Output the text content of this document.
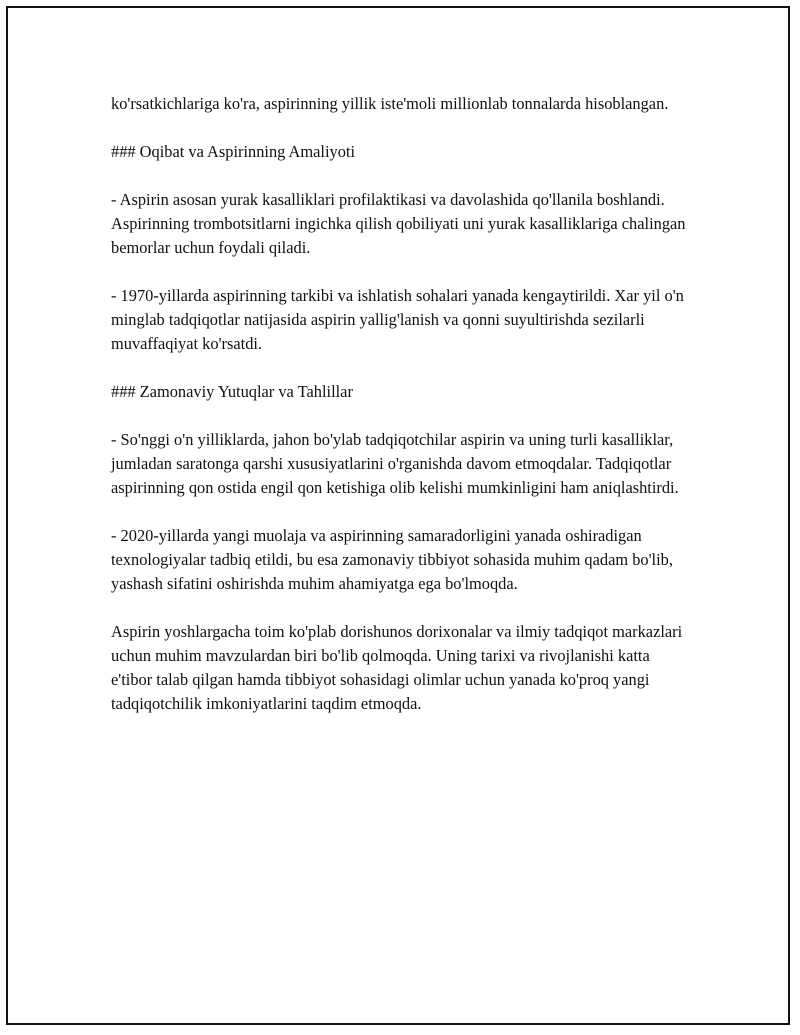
ko'rsatkichlariga ko'ra, aspirinning yillik iste'moli millionlab tonnalarda hisoblangan.

### Oqibat va Aspirinning Amaliyoti

- Aspirin asosan yurak kasalliklari profilaktikasi va davolashida qo'llanila boshlandi. Aspirinning trombotsitlarni ingichka qilish qobiliyati uni yurak kasalliklariga chalingan bemorlar uchun foydali qiladi.

- 1970-yillarda aspirinning tarkibi va ishlatish sohalari yanada kengaytirildi. Xar yil o'n minglab tadqiqotlar natijasida aspirin yallig'lanish va qonni suyultirishda sezilarli muvaffaqiyat ko'rsatdi.

### Zamonaviy Yutuqlar va Tahlillar

- So'nggi o'n yilliklarda, jahon bo'ylab tadqiqotchilar aspirin va uning turli kasalliklar, jumladan saratonga qarshi xususiyatlarini o'rganishda davom etmoqdalar. Tadqiqotlar aspirinning qon ostida engil qon ketishiga olib kelishi mumkinligini ham aniqlashtirdi.

- 2020-yillarda yangi muolaja va aspirinning samaradorligini yanada oshiradigan texnologiyalar tadbiq etildi, bu esa zamonaviy tibbiyot sohasida muhim qadam bo'lib, yashash sifatini oshirishda muhim ahamiyatga ega bo'lmoqda.

Aspirin yoshlargacha toim ko'plab dorishunos dorixonalar va ilmiy tadqiqot markazlari uchun muhim mavzulardan biri bo'lib qolmoqda. Uning tarixi va rivojlanishi katta e'tibor talab qilgan hamda tibbiyot sohasidagi olimlar uchun yanada ko'proq yangi tadqiqotchilik imkoniyatlarini taqdim etmoqda.
